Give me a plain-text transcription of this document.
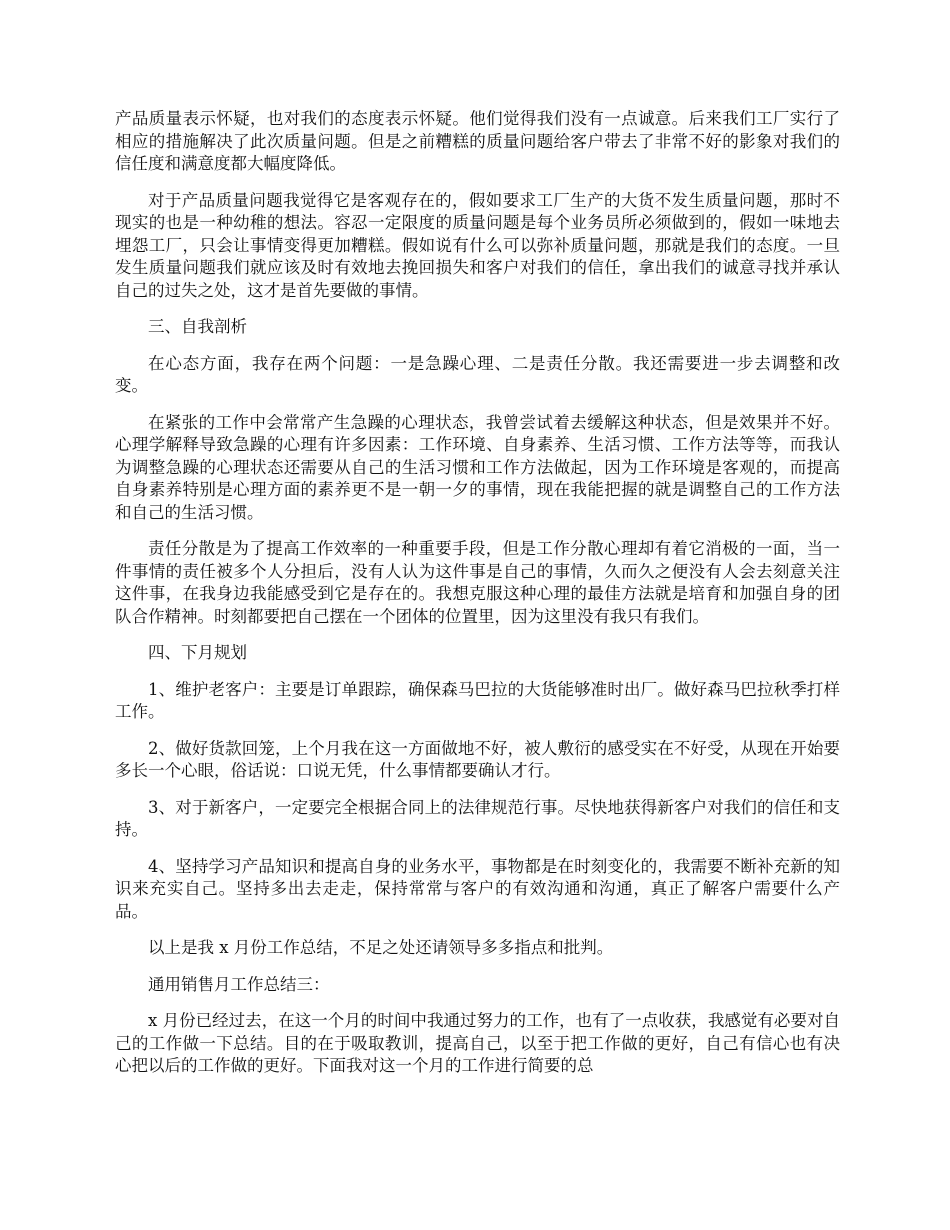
产品质量表示怀疑，也对我们的态度表示怀疑。他们觉得我们没有一点诚意。后来我们工厂实行了相应的措施解决了此次质量问题。但是之前糟糕的质量问题给客户带去了非常不好的影象对我们的信任度和满意度都大幅度降低。

对于产品质量问题我觉得它是客观存在的，假如要求工厂生产的大货不发生质量问题，那时不现实的也是一种幼稚的想法。容忍一定限度的质量问题是每个业务员所必须做到的，假如一味地去埋怨工厂，只会让事情变得更加糟糕。假如说有什么可以弥补质量问题，那就是我们的态度。一旦发生质量问题我们就应该及时有效地去挽回损失和客户对我们的信任，拿出我们的诚意寻找并承认自己的过失之处，这才是首先要做的事情。

三、自我剖析

在心态方面，我存在两个问题：一是急躁心理、二是责任分散。我还需要进一步去调整和改变。

在紧张的工作中会常常产生急躁的心理状态，我曾尝试着去缓解这种状态，但是效果并不好。心理学解释导致急躁的心理有许多因素：工作环境、自身素养、生活习惯、工作方法等等，而我认为调整急躁的心理状态还需要从自己的生活习惯和工作方法做起，因为工作环境是客观的，而提高自身素养特别是心理方面的素养更不是一朝一夕的事情，现在我能把握的就是调整自己的工作方法和自己的生活习惯。

责任分散是为了提高工作效率的一种重要手段，但是工作分散心理却有着它消极的一面，当一件事情的责任被多个人分担后，没有人认为这件事是自己的事情，久而久之便没有人会去刻意关注这件事，在我身边我能感受到它是存在的。我想克服这种心理的最佳方法就是培育和加强自身的团队合作精神。时刻都要把自己摆在一个团体的位置里，因为这里没有我只有我们。

四、下月规划

1、维护老客户：主要是订单跟踪，确保森马巴拉的大货能够准时出厂。做好森马巴拉秋季打样工作。

2、做好货款回笼，上个月我在这一方面做地不好，被人敷衍的感受实在不好受，从现在开始要多长一个心眼，俗话说：口说无凭，什么事情都要确认才行。

3、对于新客户，一定要完全根据合同上的法律规范行事。尽快地获得新客户对我们的信任和支持。

4、坚持学习产品知识和提高自身的业务水平，事物都是在时刻变化的，我需要不断补充新的知识来充实自己。坚持多出去走走，保持常常与客户的有效沟通和沟通，真正了解客户需要什么产品。

以上是我 x 月份工作总结，不足之处还请领导多多指点和批判。

通用销售月工作总结三：

x 月份已经过去，在这一个月的时间中我通过努力的工作，也有了一点收获，我感觉有必要对自己的工作做一下总结。目的在于吸取教训，提高自己，以至于把工作做的更好，自己有信心也有决心把以后的工作做的更好。下面我对这一个月的工作进行简要的总
